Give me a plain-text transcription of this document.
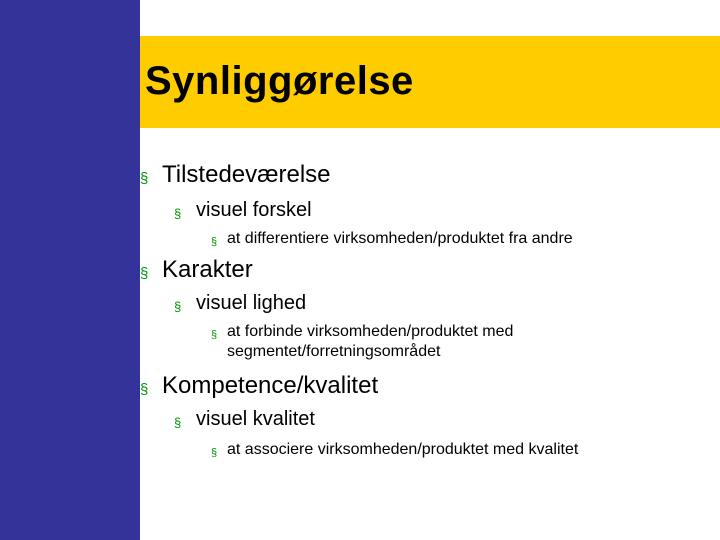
Synliggørelse
§ Tilstedeværelse
§ visuel forskel
§ at differentiere virksomheden/produktet fra andre
§ Karakter
§ visuel lighed
§ at forbinde virksomheden/produktet med
segmentet/forretningsområdet
§ Kompetence/kvalitet
§ visuel kvalitet
§ at associere virksomheden/produktet med kvalitet
